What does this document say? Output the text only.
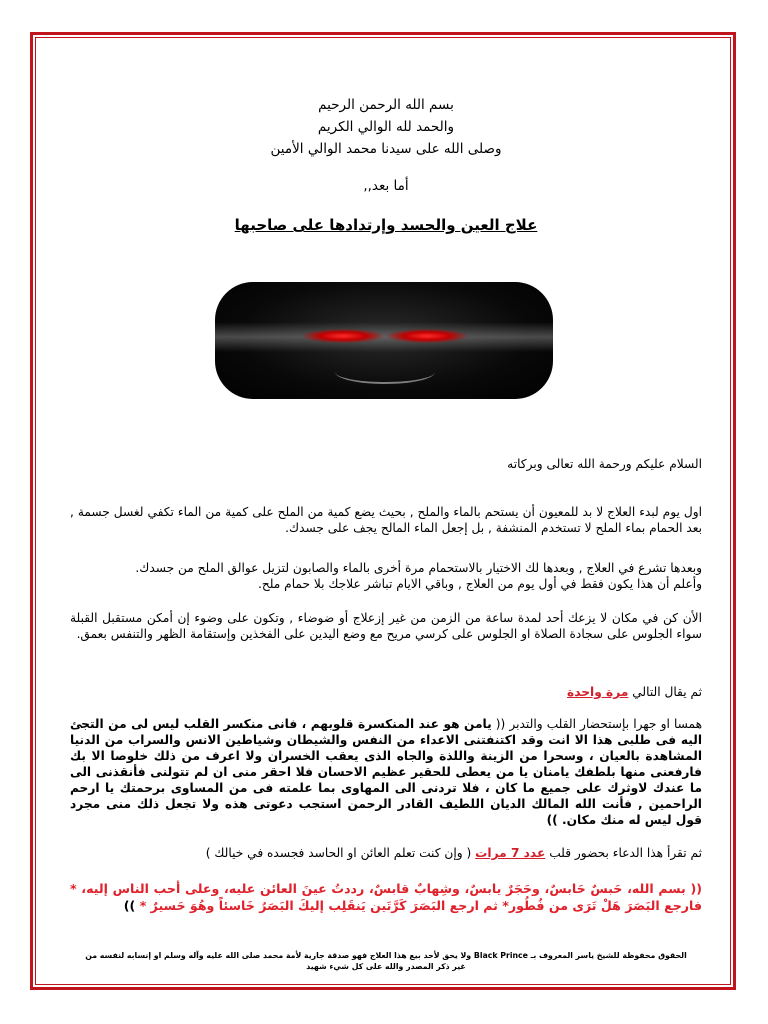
بسم الله الرحمن الرحيم
والحمد لله الوالي الكريم
وصلى الله على سيدنا محمد الوالي الأمين
أما بعد,,
علاج العين والحسد وإرتدادها على صاحبها

السلام عليكم ورحمة الله تعالى وبركاته

اول يوم لبدء العلاج لا بد للمعيون أن يستحم بالماء والملح , بحيث يضع كمية من الملح على كمية من الماء تكفي لغسل جسمة , بعد الحمام بماء الملح لا تستخدم المنشفة , بل إجعل الماء المالح يجف على جسدك.

وبعدها تشرع في العلاج , وبعدها لك الاختيار بالاستحمام مرة أخرى بالماء والصابون لتزيل عوالق الملح من جسدك.

وأعلم أن هذا يكون فقط في أول يوم من العلاج , وباقي الايام تباشر علاجك بلا حمام ملح.

الأن كن في مكان لا يزعك أحد لمدة ساعة من الزمن من غير إزعلاج أو ضوضاء , وتكون على وضوء إن أمكن مستقبل القبلة سواء الجلوس على سجادة الصلاة او الجلوس على كرسي مريح مع وضع اليدين على الفخذين وإستقامة الظهر والتنفس بعمق.

ثم يقال التالي مرة واحدة

همسا او جهرا بإستحضار القلب والتدبر (( يامن هو عند المنكسرة قلوبهم ، فانى منكسر القلب ليس لى من التجئ اليه فى طلبى هذا الا انت وقد اكتنفتنى الاعداء من النفس والشيطان وشياطين الانس والسراب من الدنيا المشاهدة بالعيان ، وسحرا من الزينة واللذة والجاه الذى يعقب الخسران ولا اعرف من ذلك خلوصا الا بك فارفعنى منها بلطفك يامنان يا من يعطى للحقير عظيم الاحسان فلا احقر منى ان لم تتولنى فأنقذنى الى ما عندك لاوثرك على جميع ما كان ، فلا تردنى الى المهاوى بما علمته فى من المساوى برحمتك يا ارحم الراحمين , فأنت الله المالك الديان اللطيف القادر الرحمن استجب دعوتى هذه ولا تجعل ذلك منى مجرد قول ليس له منك مكان. ))

ثم تقرأ هذا الدعاء بحضور قلب عدد 7 مرات ( وإن كنت تعلم العائن او الحاسد فجسده في خيالك )

(( بسم الله، حَبسٌ حَابسٌ، وحَجَرٌ يابسٌ، وشِهابٌ قابسٌ، رددتُ عينَ العائن عليه، وعلى أحب الناس إليه، * فارجع البَصَرَ هَلْ تَرَى من فُطُور* ثم ارجع البَصَرَ كَرَّتَين يَنقَلِب إليكَ البَصَرُ خَاسئاً وهُوَ حَسيرٌ * ))

الحقوق محفوظة للشيخ ياسر المعروف بـ Black Prince ولا يحق لأحد بيع هذا العلاج فهو صدقة جارية لأمة محمد صلى الله عليه وآله وسلم او إنسابه لنفسه من غير ذكر المصدر والله على كل شيء شهيد
